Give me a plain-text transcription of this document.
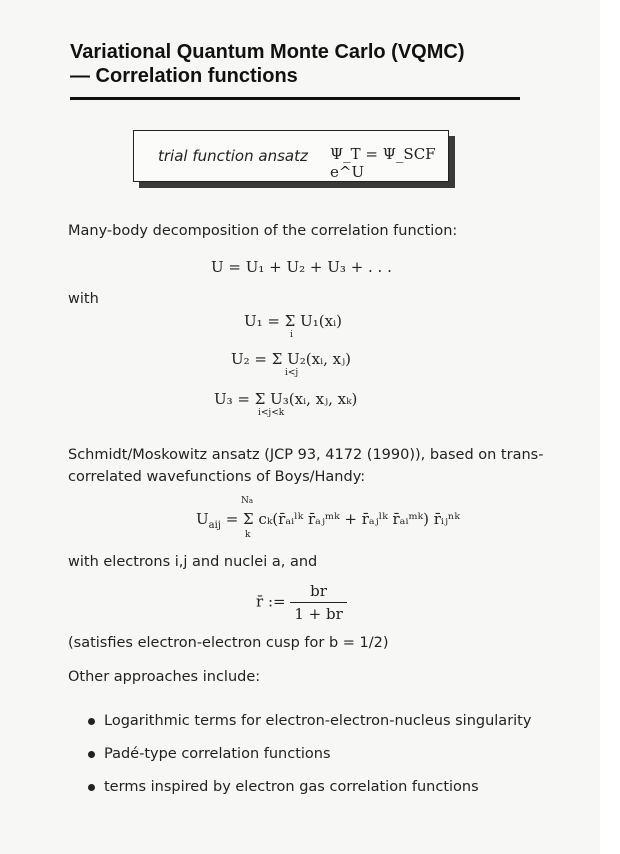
Variational Quantum Monte Carlo (VQMC)
— Correlation functions
trial function ansatz Ψ_T = Ψ_SCF e^U
Many-body decomposition of the correlation function:
U = U₁ + U₂ + U₃ + . . .
with
U₁ = Σ U₁(xᵢ)
i
U₂ = Σ U₂(xᵢ, xⱼ)
i<j
U₃ = Σ U₃(xᵢ, xⱼ, xₖ)
i<j<k
Schmidt/Moskowitz ansatz (JCP 93, 4172 (1990)), based on trans-
correlated wavefunctions of Boys/Handy:
$U_{aij} = \Sigma$ cₖ(r̄ₐᵢˡᵏ r̄ₐⱼᵐᵏ + r̄ₐⱼˡᵏ r̄ₐᵢᵐᵏ) r̄ᵢⱼⁿᵏ
Na
k
with electrons i,j and nuclei a, and
r̄ := $\frac{br}{1 + br}$
(satisfies electron-electron cusp for b = 1/2)
Other approaches include:
Logarithmic terms for electron-electron-nucleus singularity
Padé-type correlation functions
terms inspired by electron gas correlation functions
